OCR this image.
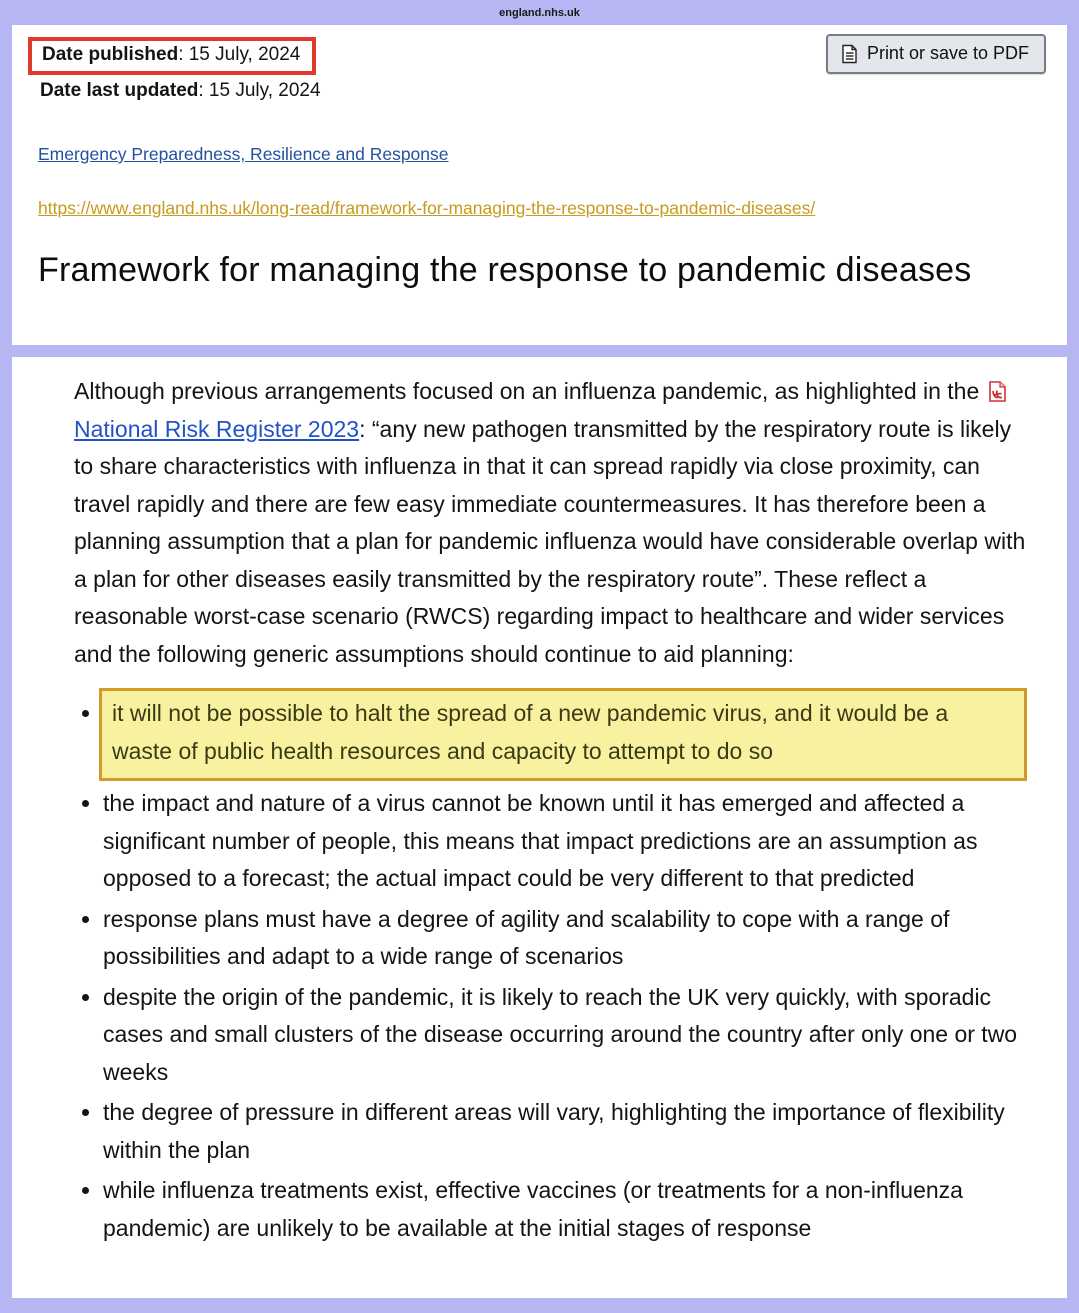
england.nhs.uk
Date published: 15 July, 2024
Date last updated: 15 July, 2024
Print or save to PDF
Emergency Preparedness, Resilience and Response
https://www.england.nhs.uk/long-read/framework-for-managing-the-response-to-pandemic-diseases/
Framework for managing the response to pandemic diseases

Although previous arrangements focused on an influenza pandemic, as highlighted in the National Risk Register 2023: “any new pathogen transmitted by the respiratory route is likely to share characteristics with influenza in that it can spread rapidly via close proximity, can travel rapidly and there are few easy immediate countermeasures. It has therefore been a planning assumption that a plan for pandemic influenza would have considerable overlap with a plan for other diseases easily transmitted by the respiratory route”. These reflect a reasonable worst-case scenario (RWCS) regarding impact to healthcare and wider services and the following generic assumptions should continue to aid planning:

• it will not be possible to halt the spread of a new pandemic virus, and it would be a waste of public health resources and capacity to attempt to do so
• the impact and nature of a virus cannot be known until it has emerged and affected a significant number of people, this means that impact predictions are an assumption as opposed to a forecast; the actual impact could be very different to that predicted
• response plans must have a degree of agility and scalability to cope with a range of possibilities and adapt to a wide range of scenarios
• despite the origin of the pandemic, it is likely to reach the UK very quickly, with sporadic cases and small clusters of the disease occurring around the country after only one or two weeks
• the degree of pressure in different areas will vary, highlighting the importance of flexibility within the plan
• while influenza treatments exist, effective vaccines (or treatments for a non-influenza pandemic) are unlikely to be available at the initial stages of response
